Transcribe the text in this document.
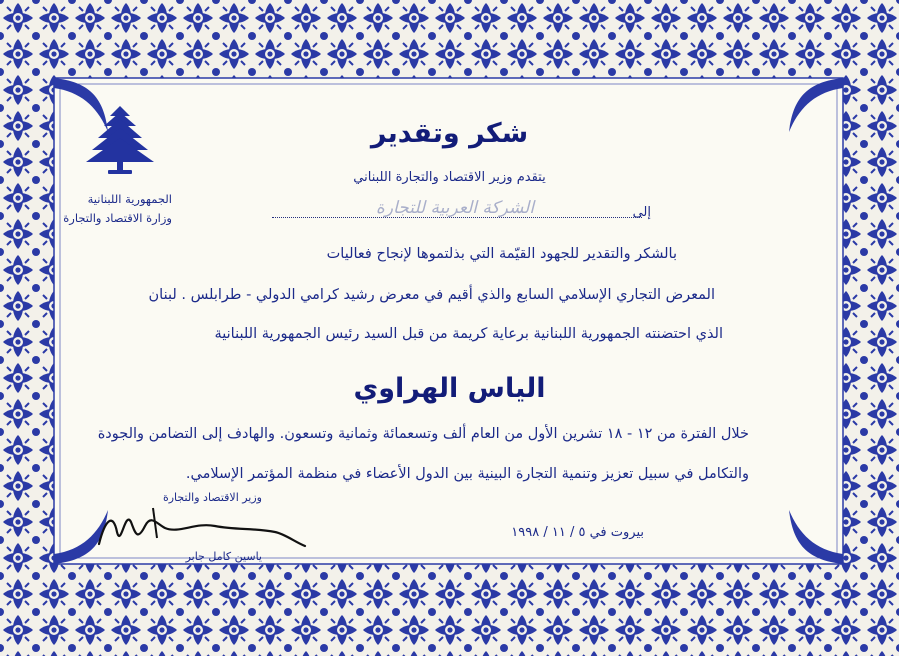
الجمهورية اللبنانية
وزارة الاقتصاد والتجارة
شكر وتقدير
يتقدم وزير الاقتصاد والتجارة اللبناني
إلى
الشركة العربية للتجارة
بالشكر والتقدير للجهود القيّمة التي بذلتموها لإنجاح فعاليات
المعرض التجاري الإسلامي السابع والذي أقيم في معرض رشيد كرامي الدولي - طرابلس . لبنان
الذي احتضنته الجمهورية اللبنانية برعاية كريمة من قبل السيد رئيس الجمهورية اللبنانية
الياس الهراوي
خلال الفترة من ١٢ - ١٨ تشرين الأول من العام ألف وتسعمائة وثمانية وتسعون. والهادف إلى التضامن والجودة
والتكامل في سبيل تعزيز وتنمية التجارة البينية بين الدول الأعضاء في منظمة المؤتمر الإسلامي.
وزير الاقتصاد والتجارة
ياسين كامل جابر
بيروت في ٥ / ١١ / ١٩٩٨
